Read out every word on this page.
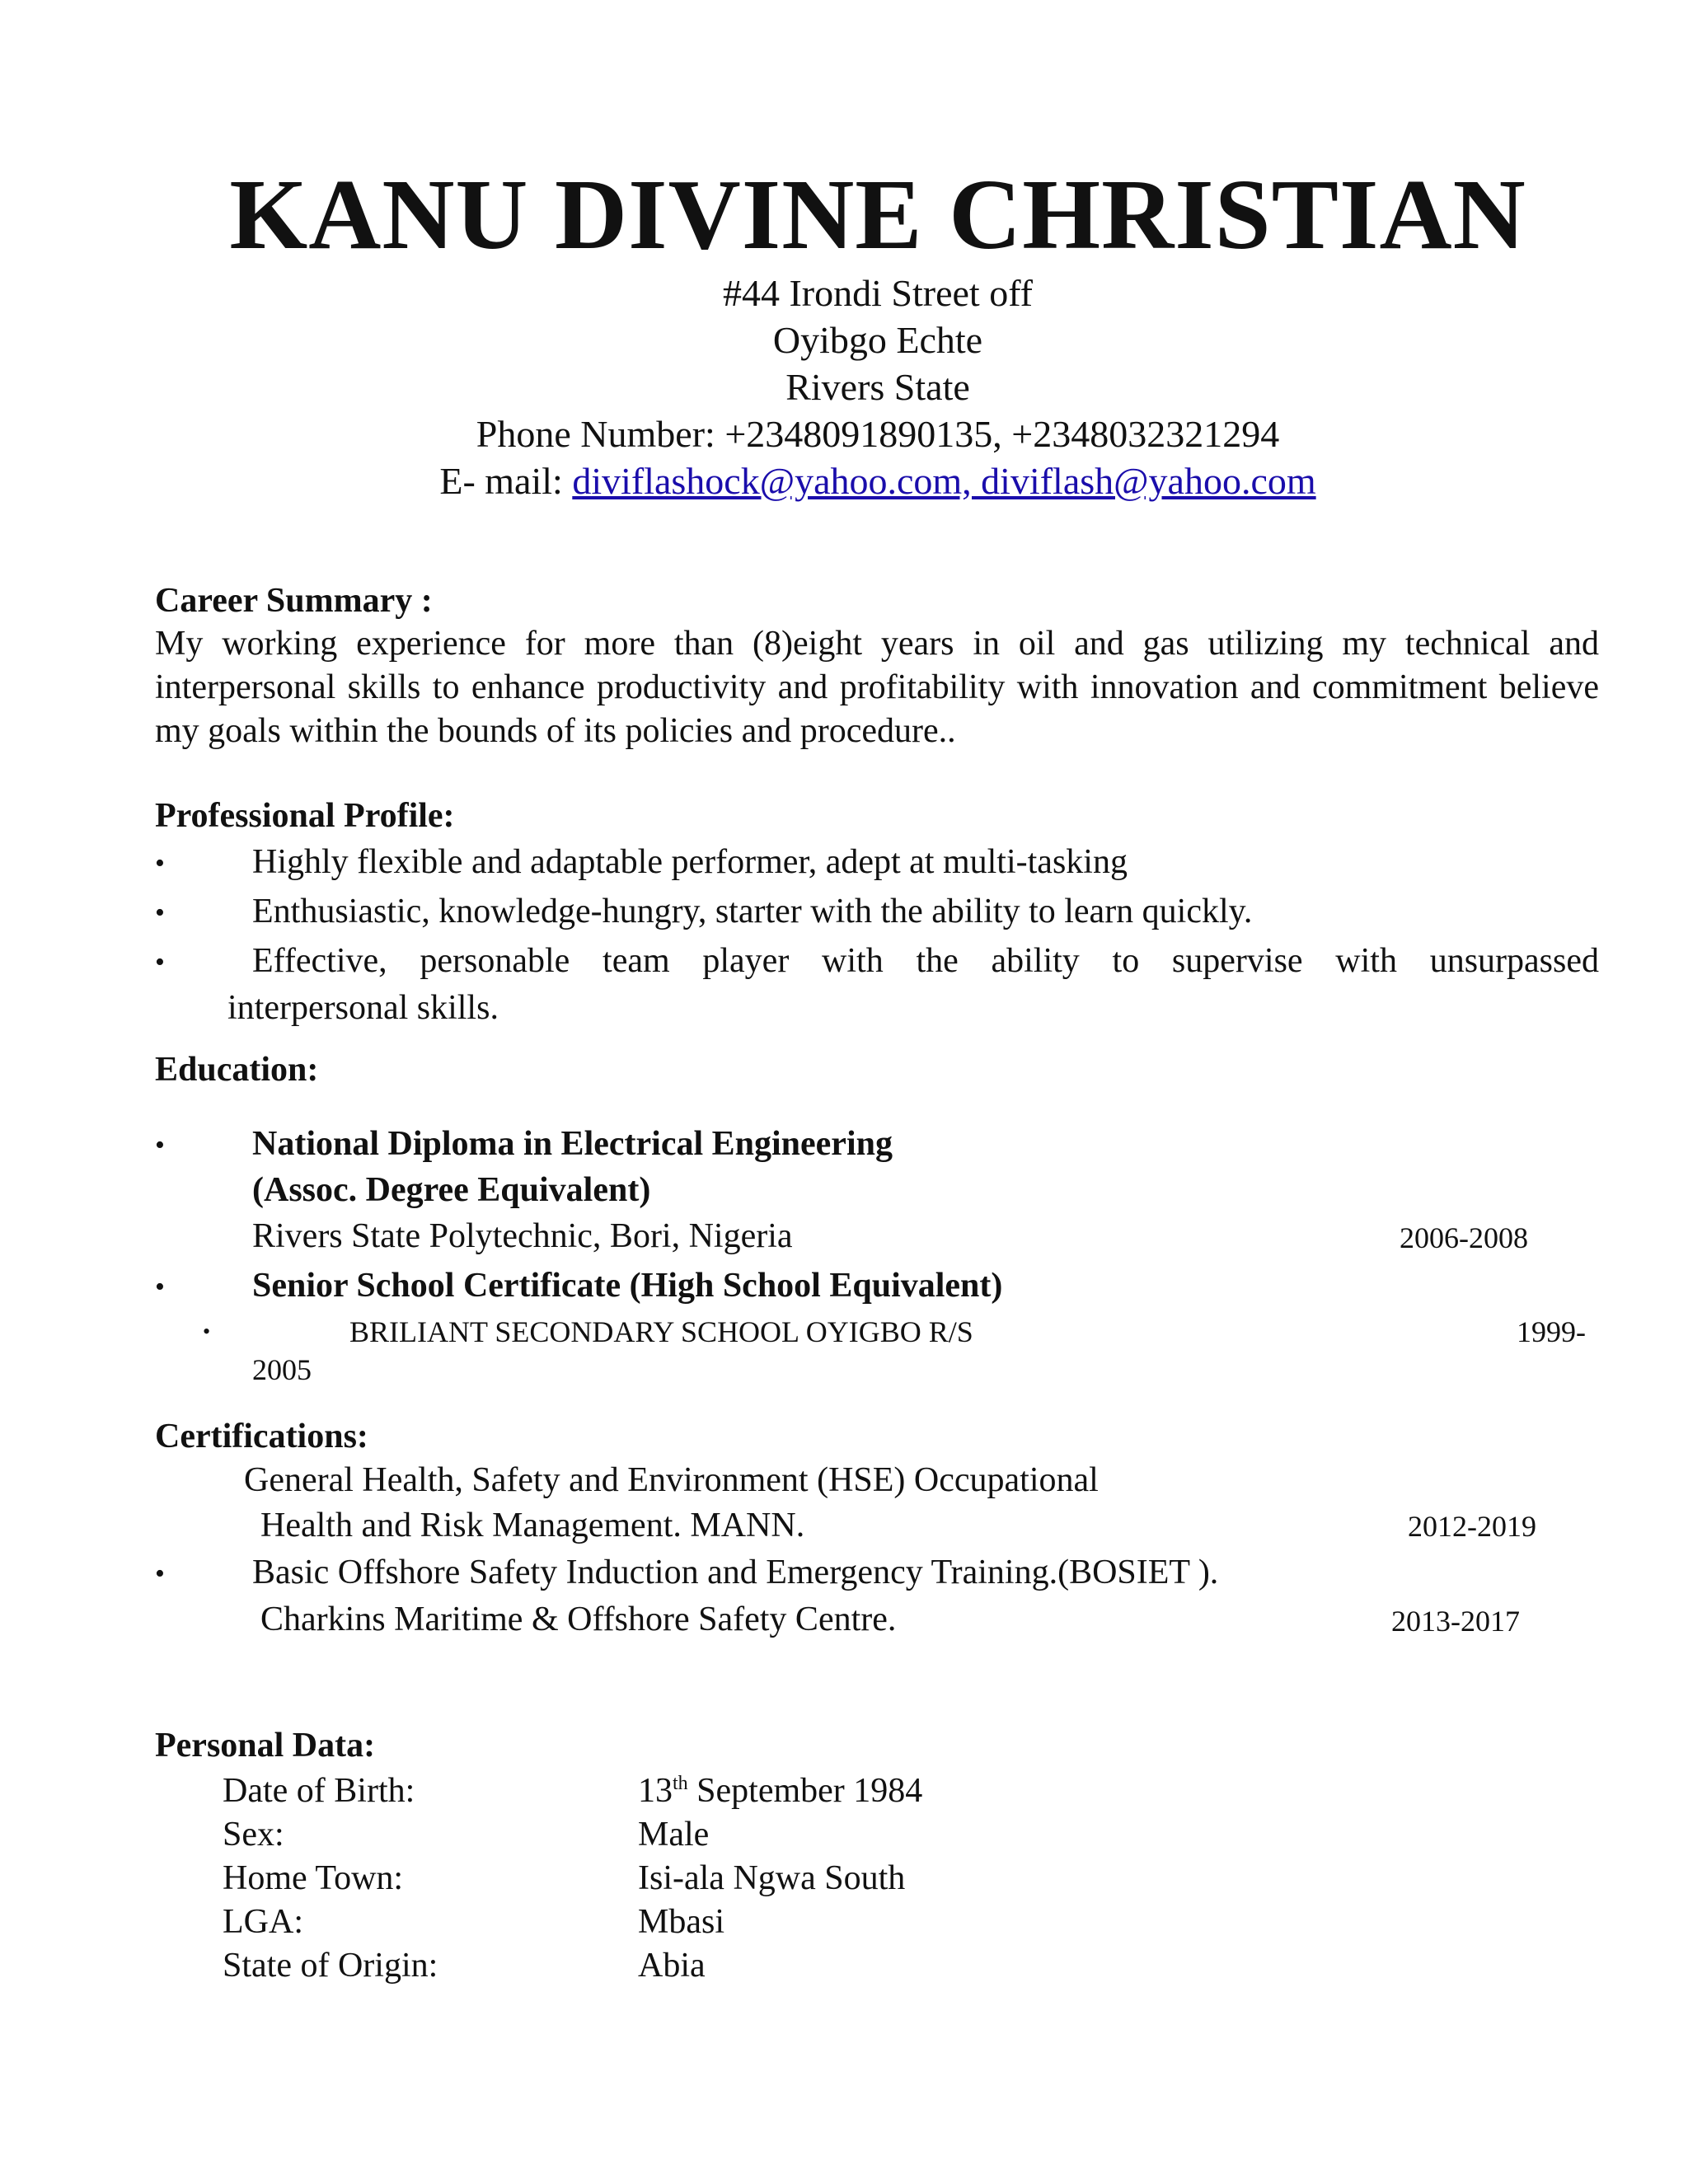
KANU DIVINE CHRISTIAN
#44 Irondi Street off
Oyibgo Echte
Rivers State
Phone Number: +2348091890135, +2348032321294
E- mail: diviflashock@yahoo.com, diviflash@yahoo.com
Career Summary :
My working experience for more than (8)eight years in oil and gas utilizing my technical and interpersonal skills to enhance productivity and profitability with innovation and commitment believe my goals within the bounds of its policies and procedure..
Professional Profile:
•	Highly flexible and adaptable performer, adept at multi-tasking
•	Enthusiastic, knowledge-hungry, starter with the ability to learn quickly.
•	Effective, personable team player with the ability to supervise with unsurpassed
interpersonal skills.
Education:
•	National Diploma in Electrical Engineering
(Assoc. Degree Equivalent)
Rivers State Polytechnic, Bori, Nigeria	2006-2008
•	Senior School Certificate (High School Equivalent)
•	BRILIANT SECONDARY SCHOOL OYIGBO R/S	1999-
2005
Certifications:
General Health, Safety and Environment (HSE) Occupational
Health and Risk Management. MANN.	2012-2019
•	Basic Offshore Safety Induction and Emergency Training.(BOSIET ).
Charkins Maritime & Offshore Safety Centre.	2013-2017
Personal Data:
Date of Birth:	13th September 1984
Sex:	Male
Home Town:	Isi-ala Ngwa South
LGA:	Mbasi
State of Origin:	Abia
